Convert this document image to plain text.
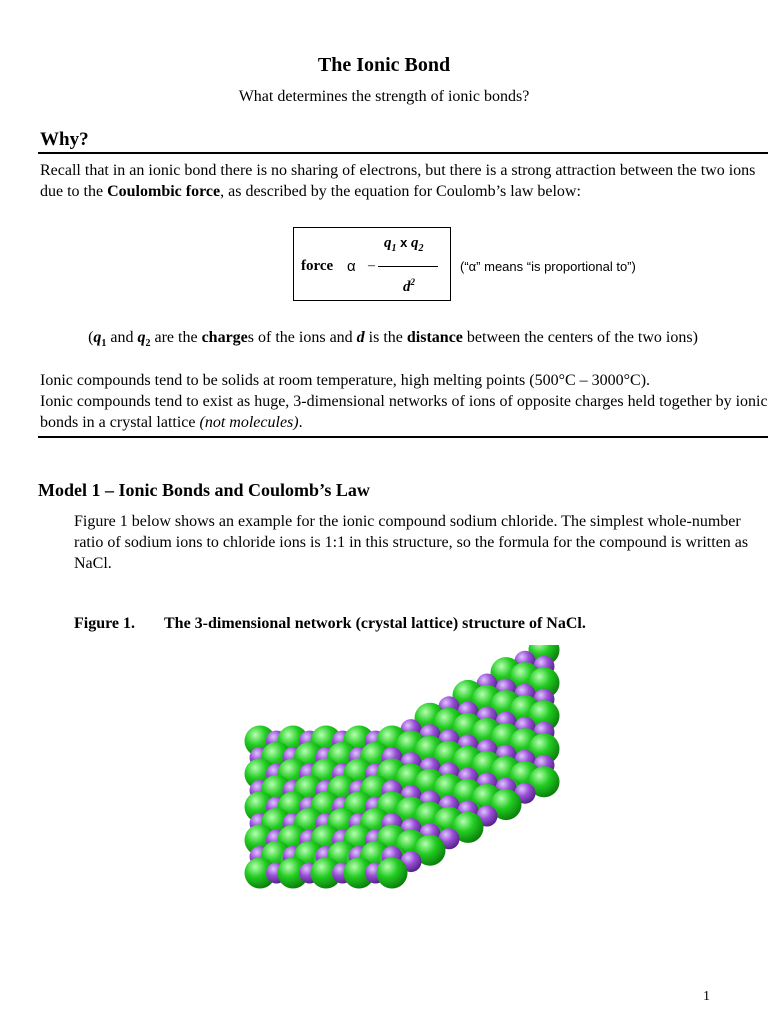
The Ionic Bond
What determines the strength of ionic bonds?
Why?
Recall that in an ionic bond there is no sharing of electrons, but there is a strong attraction between the two ions due to the Coulombic force, as described by the equation for Coulomb’s law below:
force α –
$q_1$ x $q_2$
$d^2$
(“α” means “is proportional to”)
($q_1$ and $q_2$ are the charges of the ions and d is the distance between the centers of the two ions)
Ionic compounds tend to be solids at room temperature, high melting points (500°C – 3000°C).
Ionic compounds tend to exist as huge, 3-dimensional networks of ions of opposite charges held together by ionic bonds in a crystal lattice (not molecules).
Model 1 – Ionic Bonds and Coulomb’s Law
Figure 1 below shows an example for the ionic compound sodium chloride. The simplest whole-number ratio of sodium ions to chloride ions is 1:1 in this structure, so the formula for the compound is written as NaCl.
Figure 1. The 3-dimensional network (crystal lattice) structure of NaCl.
1
